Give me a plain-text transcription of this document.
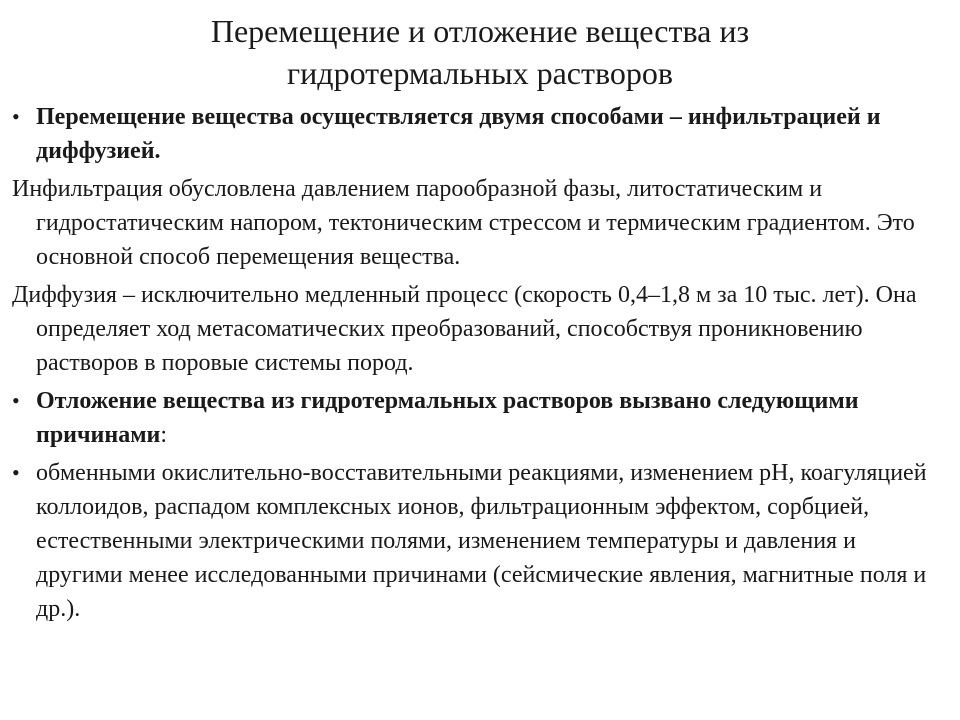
Перемещение и отложение вещества из
гидротермальных растворов
• Перемещение вещества осуществляется двумя способами – инфильтрацией и диффузией.
Инфильтрация обусловлена давлением парообразной фазы, литостатическим и гидростатическим напором, тектоническим стрессом и термическим градиентом. Это основной способ перемещения вещества.
Диффузия – исключительно медленный процесс (скорость 0,4–1,8 м за 10 тыс. лет). Она определяет ход метасоматических преобразований, способствуя проникновению растворов в поровые системы пород.
• Отложение вещества из гидротермальных растворов вызвано следующими причинами:
• обменными окислительно-восставительными реакциями, изменением рН, коагуляцией коллоидов, распадом комплексных ионов, фильтрационным эффектом, сорбцией, естественными электрическими полями, изменением температуры и давления и другими менее исследованными причинами (сейсмические явления, магнитные поля и др.).
